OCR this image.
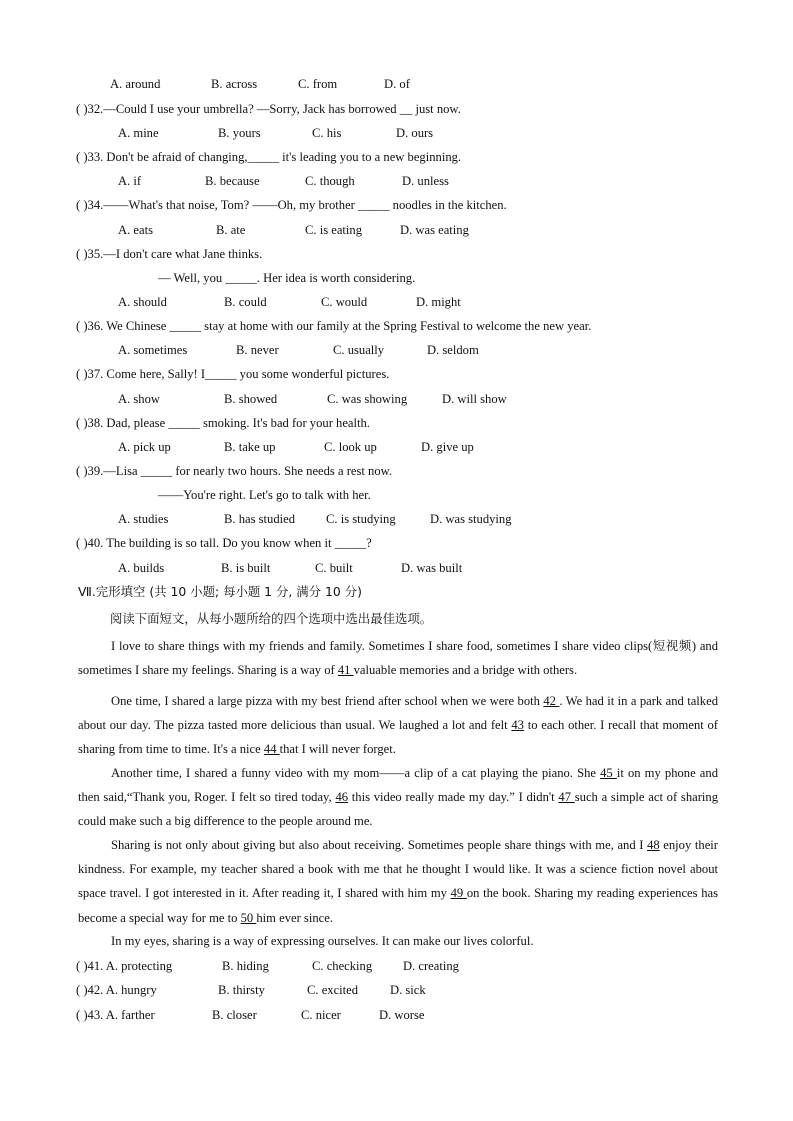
A. around	B. across	C. from	D. of
( )32.—Could I use your umbrella? —Sorry, Jack has borrowed __ just now.
A. mine	B. yours	C. his	D. ours
( )33. Don't be afraid of changing,_____ it's leading you to a new beginning.
A. if	B. because	C. though	D. unless
( )34.——What's that noise, Tom? ——Oh, my brother _____ noodles in the kitchen.
A. eats	B. ate	C. is eating	D. was eating
( )35.—I don't care what Jane thinks.
— Well, you _____. Her idea is worth considering.
A. should	B. could	C. would	D. might
( )36. We Chinese _____ stay at home with our family at the Spring Festival to welcome the new year.
A. sometimes	B. never	C. usually	D. seldom
( )37. Come here, Sally! I_____ you some wonderful pictures.
A. show	B. showed	C. was showing	D. will show
( )38. Dad, please _____ smoking. It's bad for your health.
A. pick up	B. take up	C. look up	D. give up
( )39.—Lisa _____ for nearly two hours. She needs a rest now.
——You're right. Let's go to talk with her.
A. studies	B. has studied C. is studying	D. was studying
( )40. The building is so tall. Do you know when it _____?
A. builds	B. is built	C. built	D. was built
Ⅶ.完形填空 (共 10 小题; 每小题 1 分, 满分 10 分)
阅读下面短文，从每小题所给的四个选项中选出最佳选项。
I love to share things with my friends and family. Sometimes I share food, sometimes I share video clips(短视频) and sometimes I share my feelings. Sharing is a way of 41 valuable memories and a bridge with others.
One time, I shared a large pizza with my best friend after school when we were both 42 . We had it in a park and talked about our day. The pizza tasted more delicious than usual. We laughed a lot and felt 43 to each other. I recall that moment of sharing from time to time. It's a nice 44 that I will never forget.
Another time, I shared a funny video with my mom——a clip of a cat playing the piano. She 45 it on my phone and then said,“Thank you, Roger. I felt so tired today, 46 this video really made my day.” I didn't 47 such a simple act of sharing could make such a big difference to the people around me.
Sharing is not only about giving but also about receiving. Sometimes people share things with me, and I 48 enjoy their kindness. For example, my teacher shared a book with me that he thought I would like. It was a science fiction novel about space travel. I got interested in it. After reading it, I shared with him my 49 on the book. Sharing my reading experiences has become a special way for me to 50 him ever since.
In my eyes, sharing is a way of expressing ourselves. It can make our lives colorful.
( )41. A. protecting	B. hiding	C. checking D. creating
( )42. A. hungry	B. thirsty	C. excited	D. sick
( )43. A. farther	B. closer	C. nicer	D. worse
